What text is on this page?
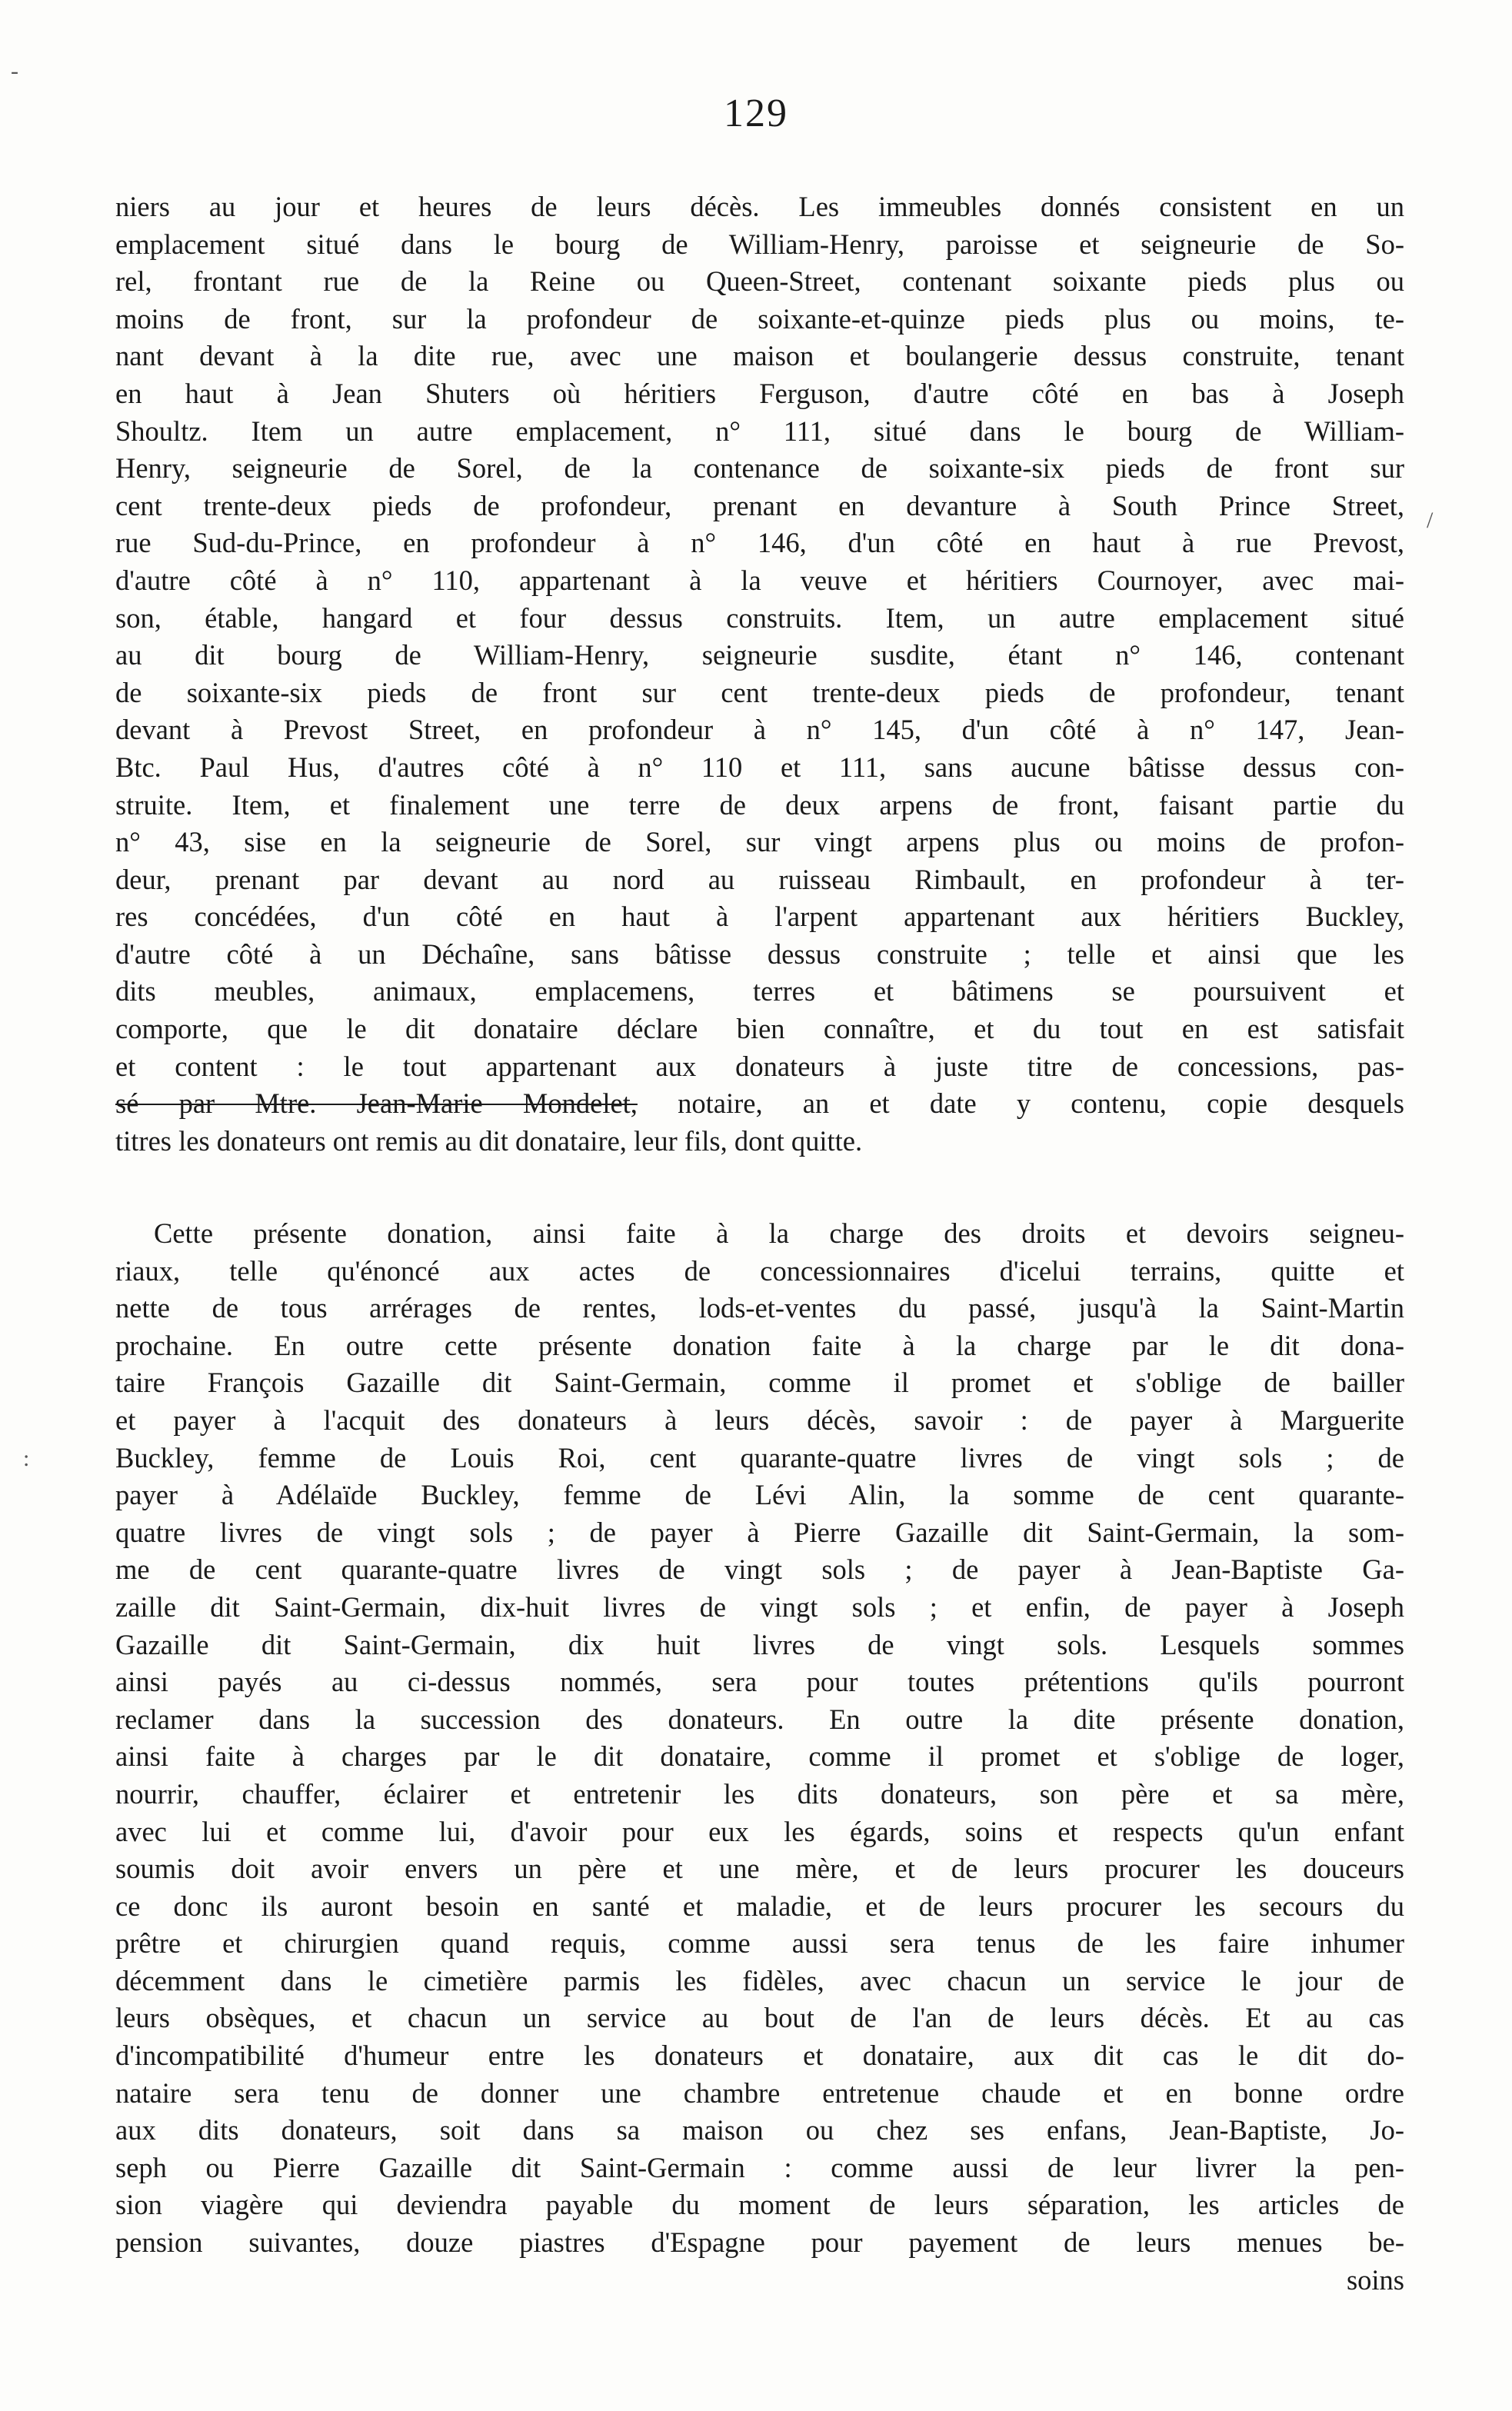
129
-
/
:
niers au jour et heures de leurs décès. Les immeubles donnés consistent en un
emplacement situé dans le bourg de William-Henry, paroisse et seigneurie de So-
rel, frontant rue de la Reine ou Queen-Street, contenant soixante pieds plus ou
moins de front, sur la profondeur de soixante-et-quinze pieds plus ou moins, te-
nant devant à la dite rue, avec une maison et boulangerie dessus construite, tenant
en haut à Jean Shuters où héritiers Ferguson, d'autre côté en bas à Joseph
Shoultz. Item un autre emplacement, n° 111, situé dans le bourg de William-
Henry, seigneurie de Sorel, de la contenance de soixante-six pieds de front sur
cent trente-deux pieds de profondeur, prenant en devanture à South Prince Street,
rue Sud-du-Prince, en profondeur à n° 146, d'un côté en haut à rue Prevost,
d'autre côté à n° 110, appartenant à la veuve et héritiers Cournoyer, avec mai-
son, étable, hangard et four dessus construits. Item, un autre emplacement situé
au dit bourg de William-Henry, seigneurie susdite, étant n° 146, contenant
de soixante-six pieds de front sur cent trente-deux pieds de profondeur, tenant
devant à Prevost Street, en profondeur à n° 145, d'un côté à n° 147, Jean-
Btc. Paul Hus, d'autres côté à n° 110 et 111, sans aucune bâtisse dessus con-
struite. Item, et finalement une terre de deux arpens de front, faisant partie du
n° 43, sise en la seigneurie de Sorel, sur vingt arpens plus ou moins de profon-
deur, prenant par devant au nord au ruisseau Rimbault, en profondeur à ter-
res concédées, d'un côté en haut à l'arpent appartenant aux héritiers Buckley,
d'autre côté à un Déchaîne, sans bâtisse dessus construite ; telle et ainsi que les
dits meubles, animaux, emplacemens, terres et bâtimens se poursuivent et
comporte, que le dit donataire déclare bien connaître, et du tout en est satisfait
et content : le tout appartenant aux donateurs à juste titre de concessions, pas-
sé par Mtre. Jean-Marie Mondelet, notaire, an et date y contenu, copie desquels
titres les donateurs ont remis au dit donataire, leur fils, dont quitte.
Cette présente donation, ainsi faite à la charge des droits et devoirs seigneu-
riaux, telle qu'énoncé aux actes de concessionnaires d'icelui terrains, quitte et
nette de tous arrérages de rentes, lods-et-ventes du passé, jusqu'à la Saint-Martin
prochaine. En outre cette présente donation faite à la charge par le dit dona-
taire François Gazaille dit Saint-Germain, comme il promet et s'oblige de bailler
et payer à l'acquit des donateurs à leurs décès, savoir : de payer à Marguerite
Buckley, femme de Louis Roi, cent quarante-quatre livres de vingt sols ; de
payer à Adélaïde Buckley, femme de Lévi Alin, la somme de cent quarante-
quatre livres de vingt sols ; de payer à Pierre Gazaille dit Saint-Germain, la som-
me de cent quarante-quatre livres de vingt sols ; de payer à Jean-Baptiste Ga-
zaille dit Saint-Germain, dix-huit livres de vingt sols ; et enfin, de payer à Joseph
Gazaille dit Saint-Germain, dix huit livres de vingt sols. Lesquels sommes
ainsi payés au ci-dessus nommés, sera pour toutes prétentions qu'ils pourront
reclamer dans la succession des donateurs. En outre la dite présente donation,
ainsi faite à charges par le dit donataire, comme il promet et s'oblige de loger,
nourrir, chauffer, éclairer et entretenir les dits donateurs, son père et sa mère,
avec lui et comme lui, d'avoir pour eux les égards, soins et respects qu'un enfant
soumis doit avoir envers un père et une mère, et de leurs procurer les douceurs
ce donc ils auront besoin en santé et maladie, et de leurs procurer les secours du
prêtre et chirurgien quand requis, comme aussi sera tenus de les faire inhumer
décemment dans le cimetière parmis les fidèles, avec chacun un service le jour de
leurs obsèques, et chacun un service au bout de l'an de leurs décès. Et au cas
d'incompatibilité d'humeur entre les donateurs et donataire, aux dit cas le dit do-
nataire sera tenu de donner une chambre entretenue chaude et en bonne ordre
aux dits donateurs, soit dans sa maison ou chez ses enfans, Jean-Baptiste, Jo-
seph ou Pierre Gazaille dit Saint-Germain : comme aussi de leur livrer la pen-
sion viagère qui deviendra payable du moment de leurs séparation, les articles de
pension suivantes, douze piastres d'Espagne pour payement de leurs menues be-
soins
